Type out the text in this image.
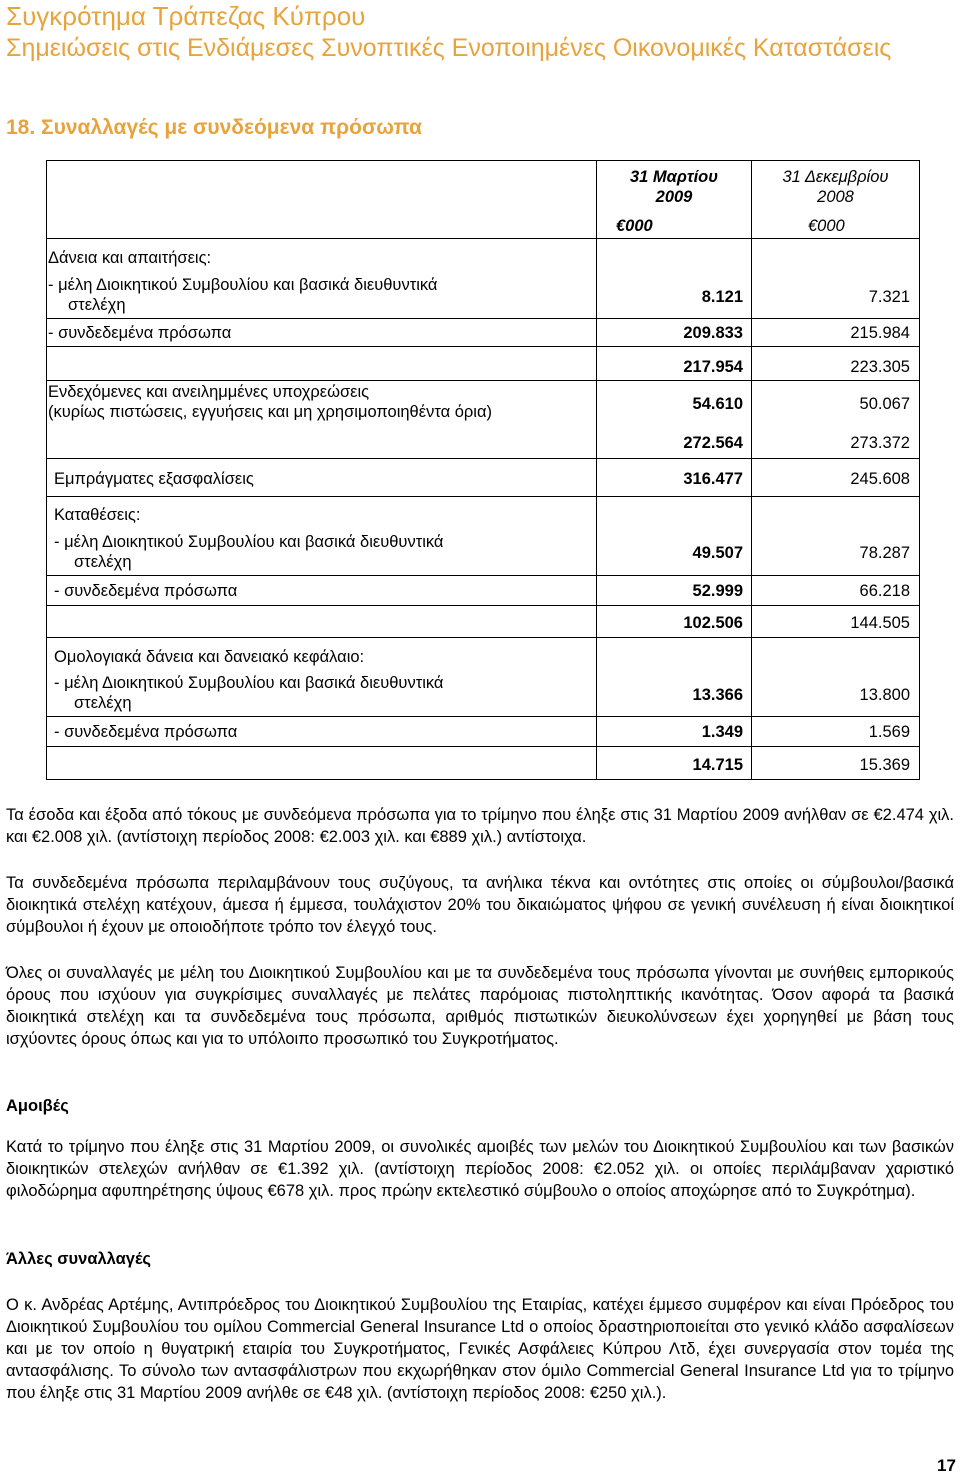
Συγκρότημα Τράπεζας Κύπρου
Σημειώσεις στις Ενδιάμεσες Συνοπτικές Ενοποιημένες Οικονομικές Καταστάσεις
18. Συναλλαγές με συνδεόμενα πρόσωπα
31 Μαρτίου
2009
31 Δεκεμβρίου
2008
€000	€000
Δάνεια και απαιτήσεις:
- μέλη Διοικητικού Συμβουλίου και βασικά διευθυντικά
στελέχη	8.121	7.321
- συνδεδεμένα πρόσωπα	209.833	215.984
217.954	223.305
Ενδεχόμενες και ανειλημμένες υποχρεώσεις
(κυρίως πιστώσεις, εγγυήσεις και μη χρησιμοποιηθέντα όρια)	54.610	50.067
272.564	273.372
Εμπράγματες εξασφαλίσεις	316.477	245.608
Καταθέσεις:
- μέλη Διοικητικού Συμβουλίου και βασικά διευθυντικά
στελέχη	49.507	78.287
- συνδεδεμένα πρόσωπα	52.999	66.218
102.506	144.505
Ομολογιακά δάνεια και δανειακό κεφάλαιο:
- μέλη Διοικητικού Συμβουλίου και βασικά διευθυντικά
στελέχη	13.366	13.800
- συνδεδεμένα πρόσωπα	1.349	1.569
14.715	15.369

Τα έσοδα και έξοδα από τόκους με συνδεόμενα πρόσωπα για το τρίμηνο που έληξε στις 31 Μαρτίου 2009 ανήλθαν σε €2.474 χιλ. και €2.008 χιλ. (αντίστοιχη περίοδος 2008: €2.003 χιλ. και €889 χιλ.) αντίστοιχα.

Τα συνδεδεμένα πρόσωπα περιλαμβάνουν τους συζύγους, τα ανήλικα τέκνα και οντότητες στις οποίες οι σύμβουλοι/βασικά διοικητικά στελέχη κατέχουν, άμεσα ή έμμεσα, τουλάχιστον 20% του δικαιώματος ψήφου σε γενική συνέλευση ή είναι διοικητικοί σύμβουλοι ή έχουν με οποιοδήποτε τρόπο τον έλεγχό τους.

Όλες οι συναλλαγές με μέλη του Διοικητικού Συμβουλίου και με τα συνδεδεμένα τους πρόσωπα γίνονται με συνήθεις εμπορικούς όρους που ισχύουν για συγκρίσιμες συναλλαγές με πελάτες παρόμοιας πιστοληπτικής ικανότητας. Όσον αφορά τα βασικά διοικητικά στελέχη και τα συνδεδεμένα τους πρόσωπα, αριθμός πιστωτικών διευκολύνσεων έχει χορηγηθεί με βάση τους ισχύοντες όρους όπως και για το υπόλοιπο προσωπικό του Συγκροτήματος.

Αμοιβές

Κατά το τρίμηνο που έληξε στις 31 Μαρτίου 2009, οι συνολικές αμοιβές των μελών του Διοικητικού Συμβουλίου και των βασικών διοικητικών στελεχών ανήλθαν σε €1.392 χιλ. (αντίστοιχη περίοδος 2008: €2.052 χιλ. οι οποίες περιλάμβαναν χαριστικό φιλοδώρημα αφυπηρέτησης ύψους €678 χιλ. προς πρώην εκτελεστικό σύμβουλο ο οποίος αποχώρησε από το Συγκρότημα).

Άλλες συναλλαγές

Ο κ. Ανδρέας Αρτέμης, Αντιπρόεδρος του Διοικητικού Συμβουλίου της Εταιρίας, κατέχει έμμεσο συμφέρον και είναι Πρόεδρος του Διοικητικού Συμβουλίου του ομίλου Commercial General Insurance Ltd ο οποίος δραστηριοποιείται στο γενικό κλάδο ασφαλίσεων και με τον οποίο η θυγατρική εταιρία του Συγκροτήματος, Γενικές Ασφάλειες Κύπρου Λτδ, έχει συνεργασία στον τομέα της αντασφάλισης. Το σύνολο των αντασφάλιστρων που εκχωρήθηκαν στον όμιλο Commercial General Insurance Ltd για το τρίμηνο που έληξε στις 31 Μαρτίου 2009 ανήλθε σε €48 χιλ. (αντίστοιχη περίοδος 2008: €250 χιλ.).

17
